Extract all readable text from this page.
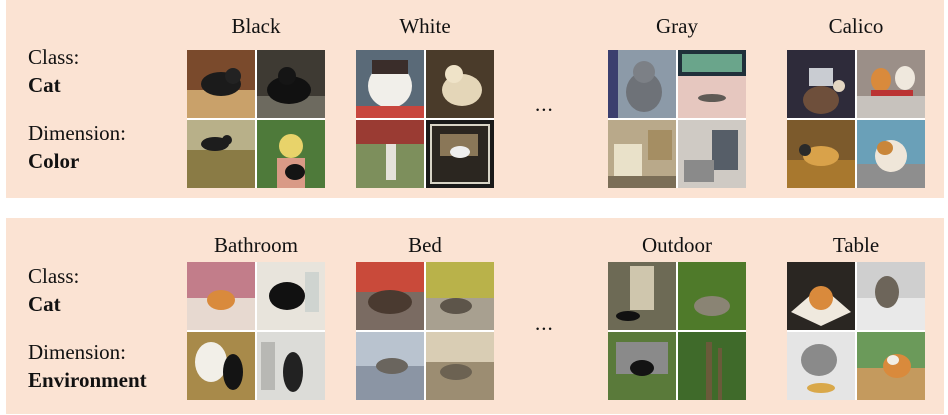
Class:
Cat
Dimension:
Color
Black	White	Gray	Calico
...
Class:
Cat
Dimension:
Environment
Bathroom	Bed	Outdoor	Table
...
